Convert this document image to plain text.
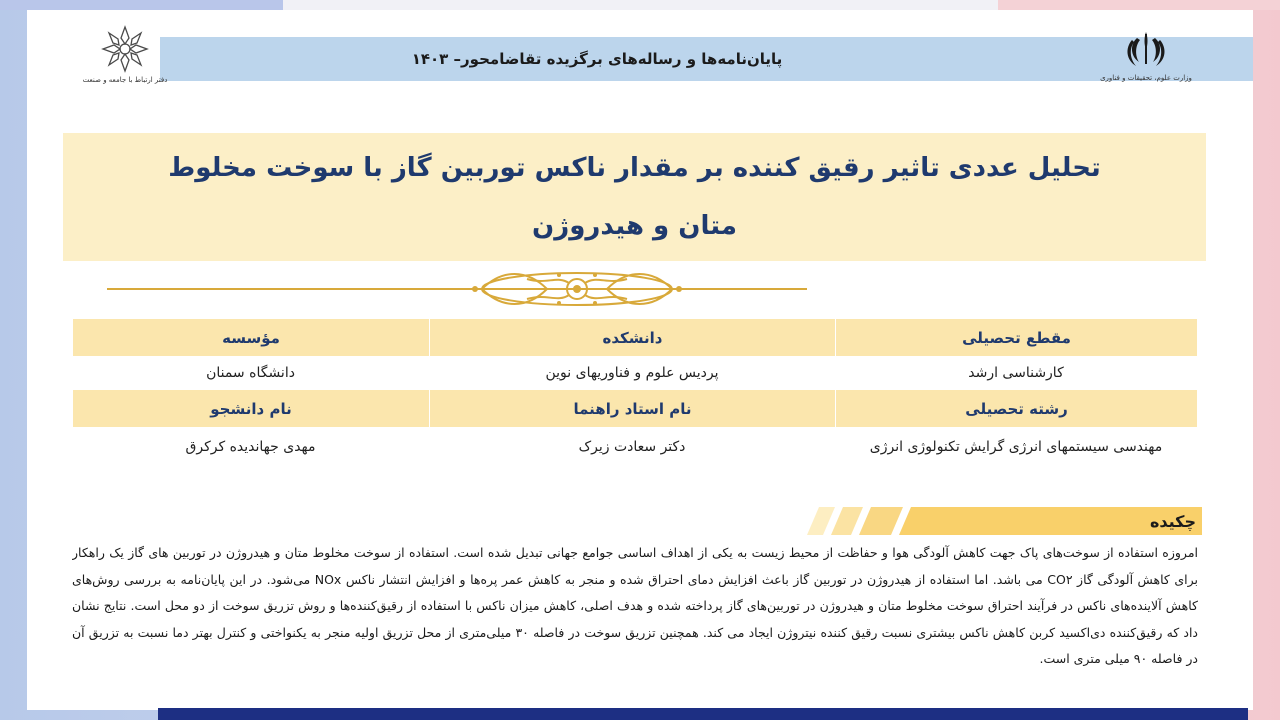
پایان‌نامه‌ها و رساله‌های برگزیده تقاضامحور– ۱۴۰۳
دفتر ارتباط با جامعه و صنعت	وزارت علوم، تحقیقات و فناوری
تحلیل عددی تاثیر رقیق کننده بر مقدار ناکس توربین گاز با سوخت مخلوط متان و هیدروژن
مؤسسه	دانشکده	مقطع تحصیلی
دانشگاه سمنان	پردیس علوم و فناوریهای نوین	کارشناسی ارشد
نام دانشجو	نام استاد راهنما	رشته تحصیلی
مهدی جهاندیده کرکرق	دکتر سعادت زیرک	مهندسی سیستمهای انرژی گرایش تکنولوژی انرژی
چکیده
امروزه استفاده از سوخت‌های پاک جهت کاهش آلودگی هوا و حفاظت از محیط زیست به یکی از اهداف اساسی جوامع جهانی تبدیل شده است. استفاده از سوخت مخلوط متان و هیدروژن در توربین های گاز یک راهکار برای کاهش آلودگی گاز CO۲ می باشد. اما استفاده از هیدروژن در توربین گاز باعث افزایش دمای احتراق شده و منجر به کاهش عمر پره‌ها و افزایش انتشار ناکس NOx می‌شود. در این پایان‌نامه به بررسی روش‌های کاهش آلاینده‌های ناکس در فرآیند احتراق سوخت مخلوط متان و هیدروژن در توربین‌های گاز پرداخته شده و هدف اصلی، کاهش میزان ناکس با استفاده از رقیق‌کننده‌ها و روش تزریق سوخت از دو محل است. نتایج نشان داد که رقیق‌کننده دی‌اکسید کربن کاهش ناکس بیشتری نسبت رقیق کننده نیتروژن ایجاد می کند. همچنین تزریق سوخت در فاصله ۳۰ میلی‌متری از محل تزریق اولیه منجر به یکنواختی و کنترل بهتر دما نسبت به تزریق آن در فاصله ۹۰ میلی متری است.
